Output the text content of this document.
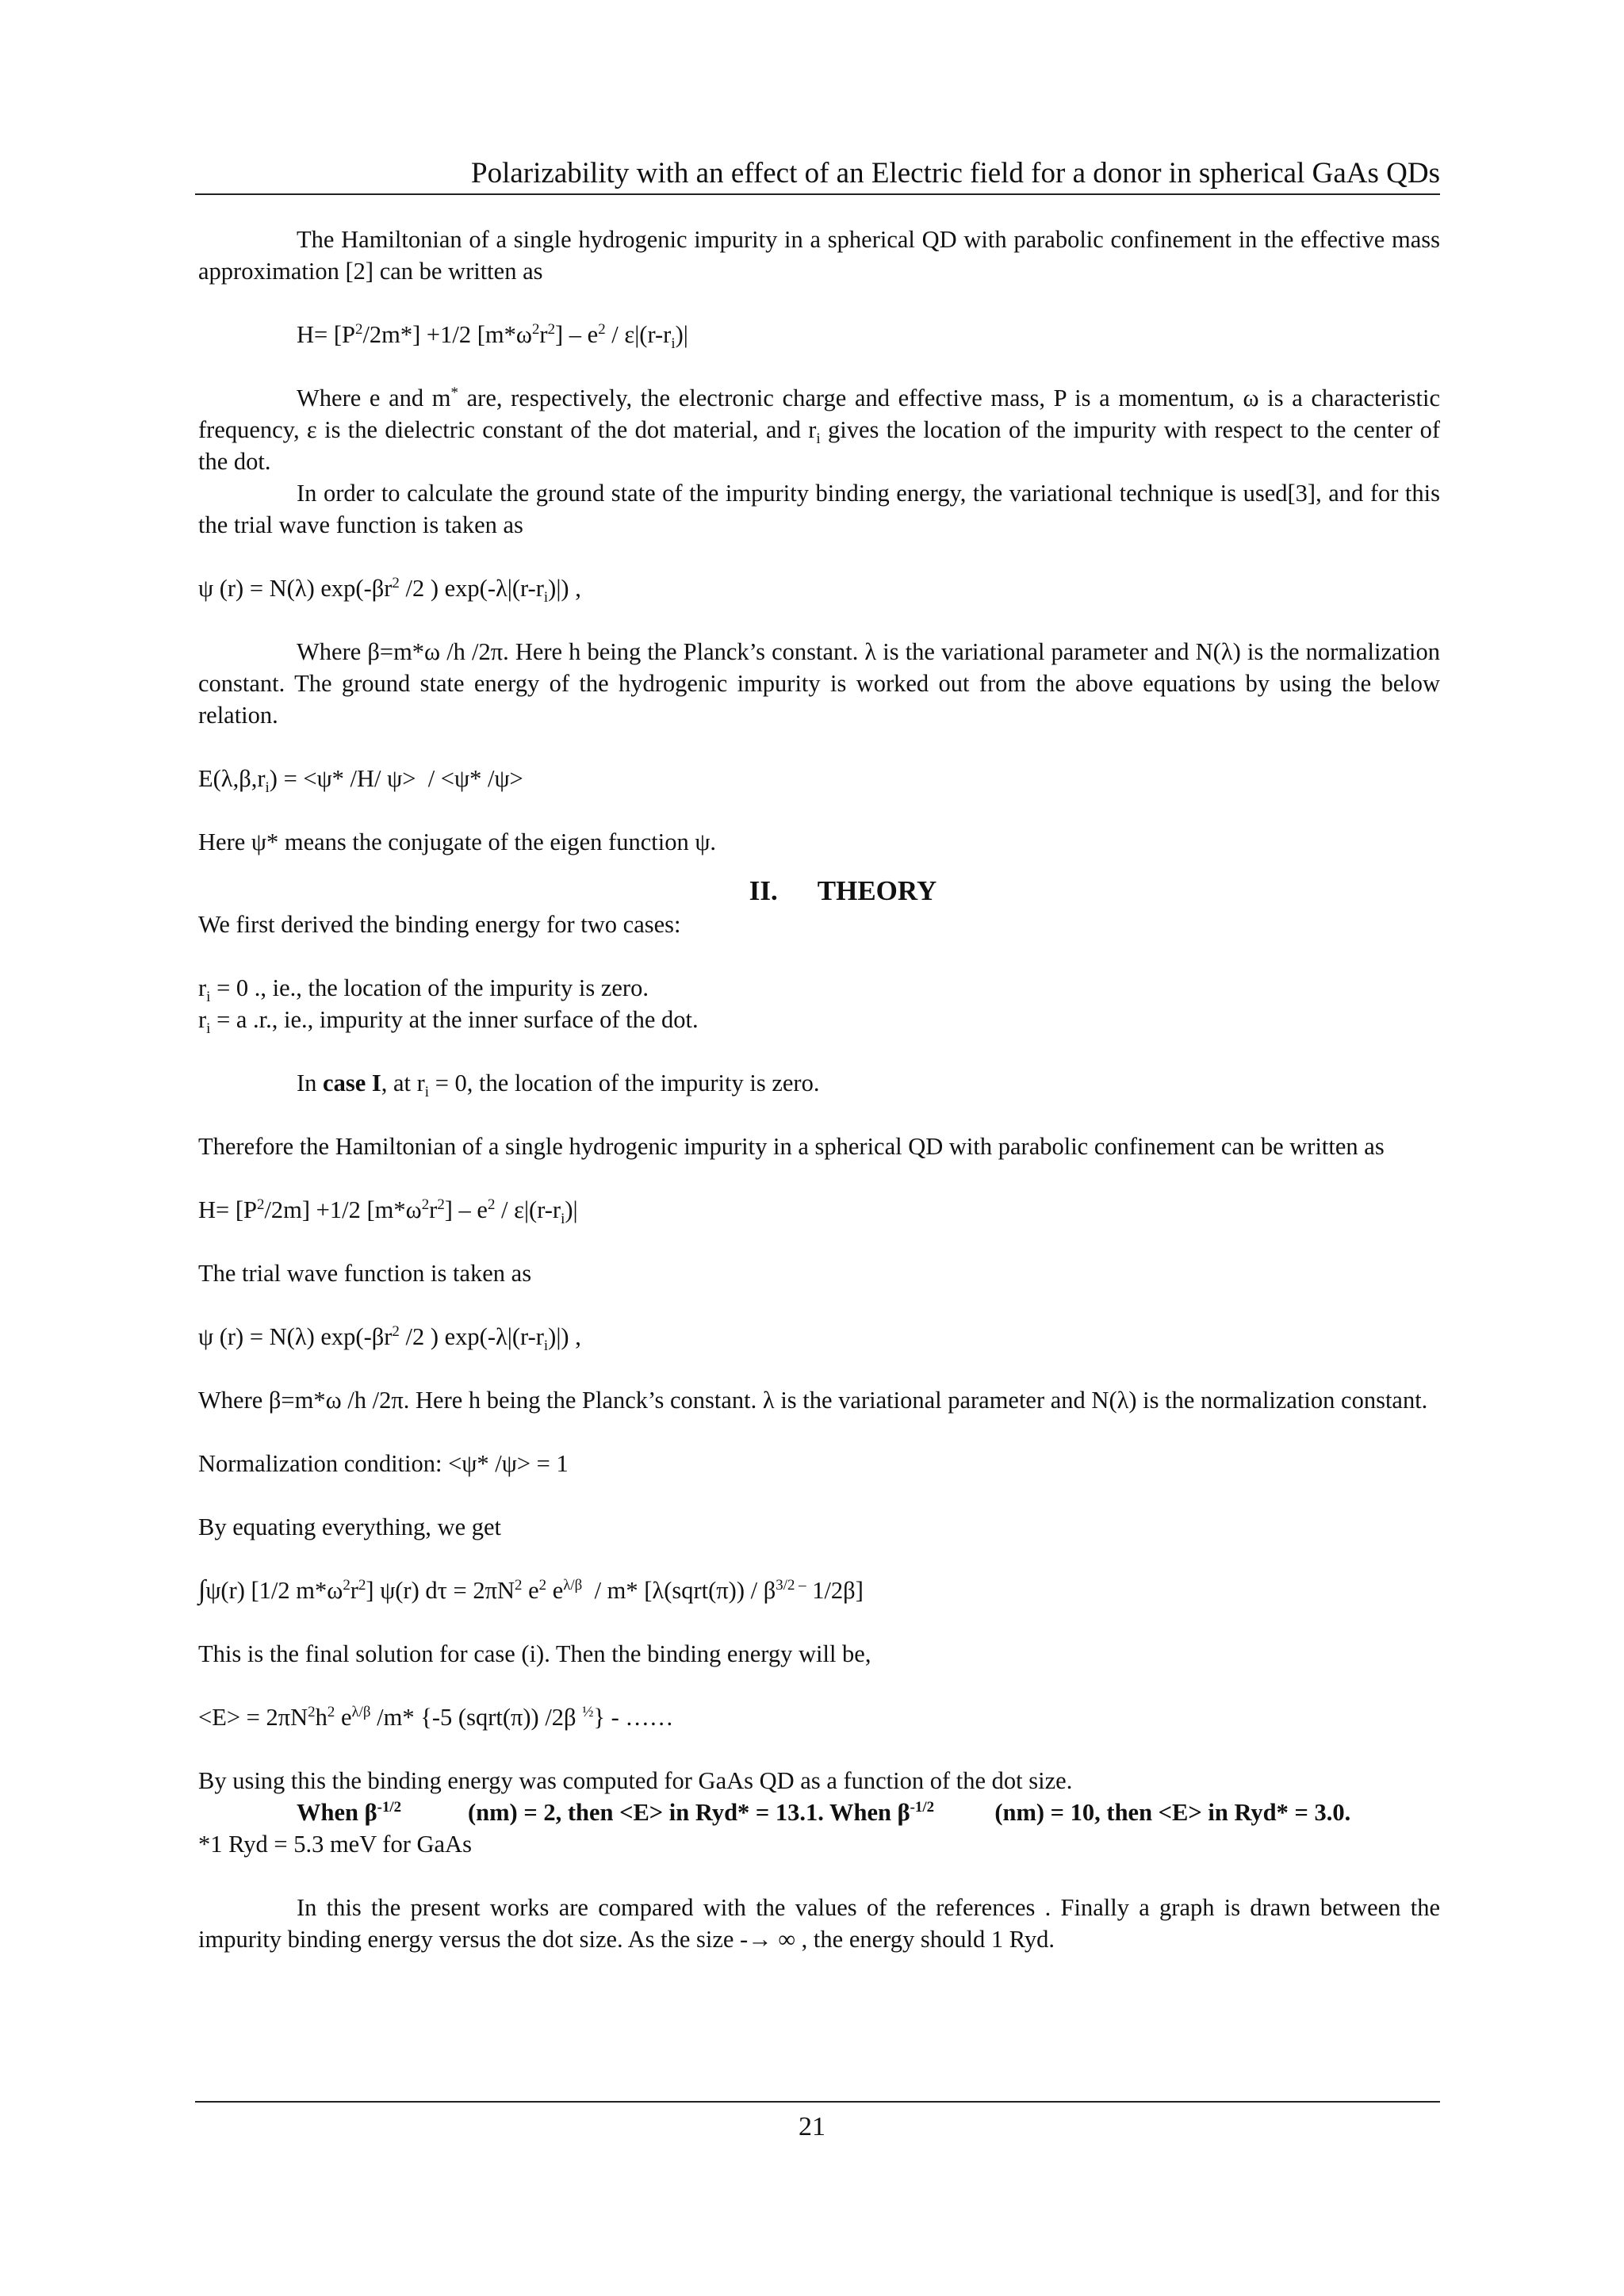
Polarizability with an effect of an Electric field for a donor in spherical GaAs QDs

The Hamiltonian of a single hydrogenic impurity in a spherical QD with parabolic confinement in the effective mass approximation [2] can be written as

$H= [P^2/2m*] +1/2$ $[m*\omega^2r^2] - e^2 / \varepsilon|(r-r_i)|$

Where e and m* are, respectively, the electronic charge and effective mass, P is a momentum, ω is a characteristic frequency, ε is the dielectric constant of the dot material, and $r_i$ gives the location of the impurity with respect to the center of the dot.

In order to calculate the ground state of the impurity binding energy, the variational technique is used[3], and for this the trial wave function is taken as

ψ (r) = N(λ) $\exp(-\beta r^2$ /2 ) $\exp(-\lambda|(r-r_i)|)$ ,

Where β=m*ω /h /2π. Here h being the Planck’s constant. λ is the variational parameter and N(λ) is the normalization constant. The ground state energy of the hydrogenic impurity is worked out from the above equations by using the below relation.

$E(\lambda,\beta,r_i) = <\psi*$ /H/ ψ>  / <ψ* /ψ>

Here ψ* means the conjugate of the eigen function ψ.

II. THEORY

We first derived the binding energy for two cases:

$r_i = 0$ ., ie., the location of the impurity is zero.

$r_i = a$ .r., ie., impurity at the inner surface of the dot.

In case I, at $r_i = 0$, the location of the impurity is zero.

Therefore the Hamiltonian of a single hydrogenic impurity in a spherical QD with parabolic confinement can be written as

$H= [P^2/2m] +1/2$ $[m*\omega^2r^2] - e^2 / \varepsilon|(r-r_i)|$

The trial wave function is taken as

ψ (r) = N(λ) $\exp(-\beta r^2$ /2 ) $\exp(-\lambda|(r-r_i)|)$ ,

Where β=m*ω /h /2π. Here h being the Planck’s constant. λ is the variational parameter and N(λ) is the normalization constant.

Normalization condition: <ψ* /ψ> = 1

By equating everything, we get

∫ψ(r) [1/2 $m*\omega^2r^2$] ψ(r) $d\tau = 2\pi N^2$ $e^2$ $e^{\lambda/\beta} / m*$ [λ(sqrt(π)) / $\beta^{3/2 -}$ 1/2β]

This is the final solution for case (i). Then the binding energy will be,

$<E> = 2\pi N^2h^2$ $e^{\lambda/\beta}$ /m* {-5 (sqrt(π)) /2β $^{\frac{1}{2}}$} - ……

By using this the binding energy was computed for GaAs QD as a function of the dot size.

When $\beta^{-1/2}$           (nm) = 2, then <E> in Ryd* = 13.1. When $\beta^{-1/2}$          (nm) = 10, then <E> in Ryd* = 3.0.

*1 Ryd = 5.3 meV for GaAs

In this the present works are compared with the values of the references . Finally a graph is drawn between the impurity binding energy versus the dot size. As the size -→ ∞ , the energy should 1 Ryd.

21
